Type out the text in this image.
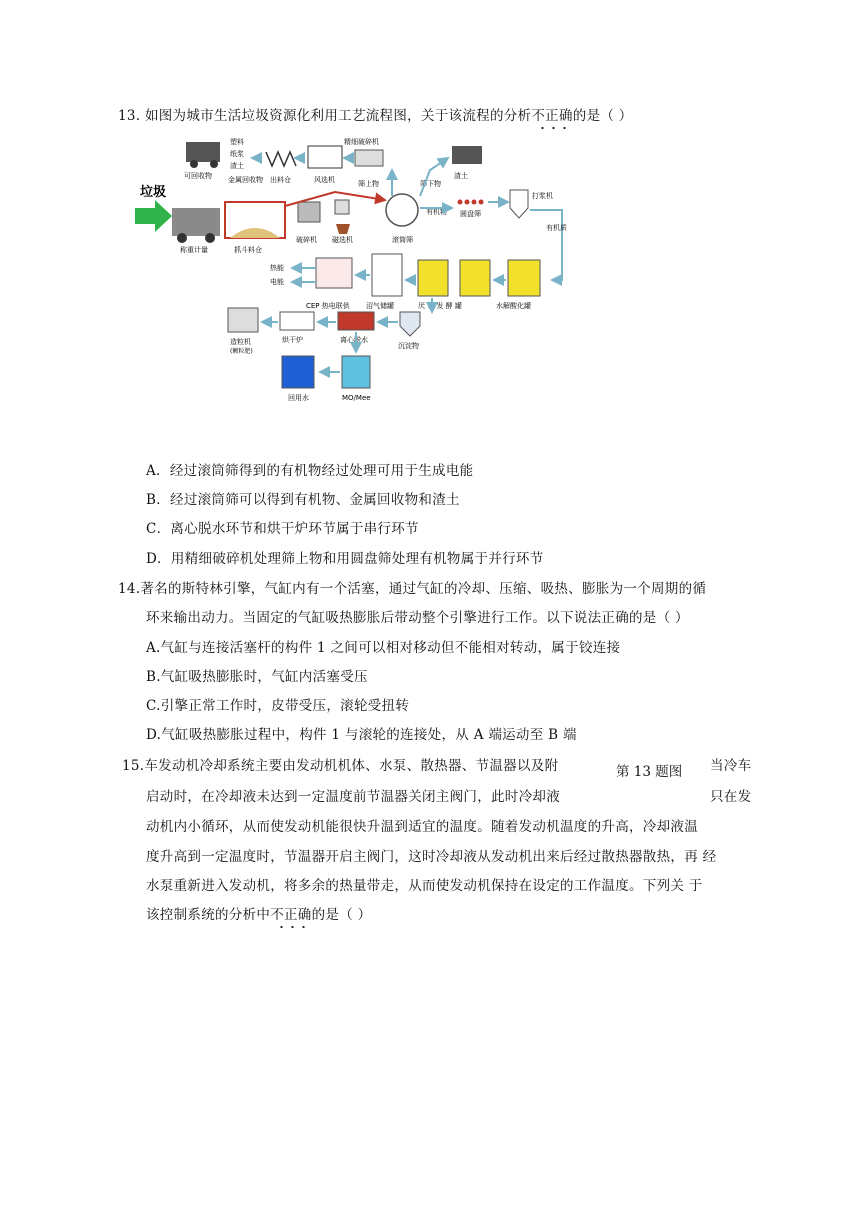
13. 如图为城市生活垃圾资源化利用工艺流程图，关于该流程的分析不正确的是（ ）
垃圾
称重计量	抓斗料仓
破碎机 磁选机	滚筒筛
可回收物
塑料
纸浆
渣土
金属回收物 出料仓	风选机
精细破碎机
筛上物	筛下物
渣土
有机物 圆盘筛
打浆机
有机质
水解酸化罐
厌 氧 发 酵 罐
沼气储罐
CEP 热电联供
热能
电能
沉淀物
离心脱水
烘干炉
造粒机
(颗粒肥)
MO/Mee
回用水
A．经过滚筒筛得到的有机物经过处理可用于生成电能
B．经过滚筒筛可以得到有机物、金属回收物和渣土
C．离心脱水环节和烘干炉环节属于串行环节
D．用精细破碎机处理筛上物和用圆盘筛处理有机物属于并行环节
14.著名的斯特林引擎，气缸内有一个活塞，通过气缸的冷却、压缩、吸热、膨胀为一个周期的循
环来输出动力。当固定的气缸吸热膨胀后带动整个引擎进行工作。以下说法正确的是（ ）
A.气缸与连接活塞杆的构件 1 之间可以相对移动但不能相对转动，属于铰连接
B.气缸吸热膨胀时，气缸内活塞受压
C.引擎正常工作时，皮带受压，滚轮受扭转
D.气缸吸热膨胀过程中，构件 1 与滚轮的连接处，从 A 端运动至 B 端
15.车发动机冷却系统主要由发动机机体、水泵、散热器、节温器以及附	当冷车
第 13 题图
启动时，在冷却液未达到一定温度前节温器关闭主阀门，此时冷却液	只在发
动机内小循环，从而使发动机能很快升温到适宜的温度。随着发动机温度的升高，冷却液温
度升高到一定温度时，节温器开启主阀门，这时冷却液从发动机出来后经过散热器散热，再 经
水泵重新进入发动机，将多余的热量带走，从而使发动机保持在设定的工作温度。下列关 于
该控制系统的分析中不正确的是（ ）
